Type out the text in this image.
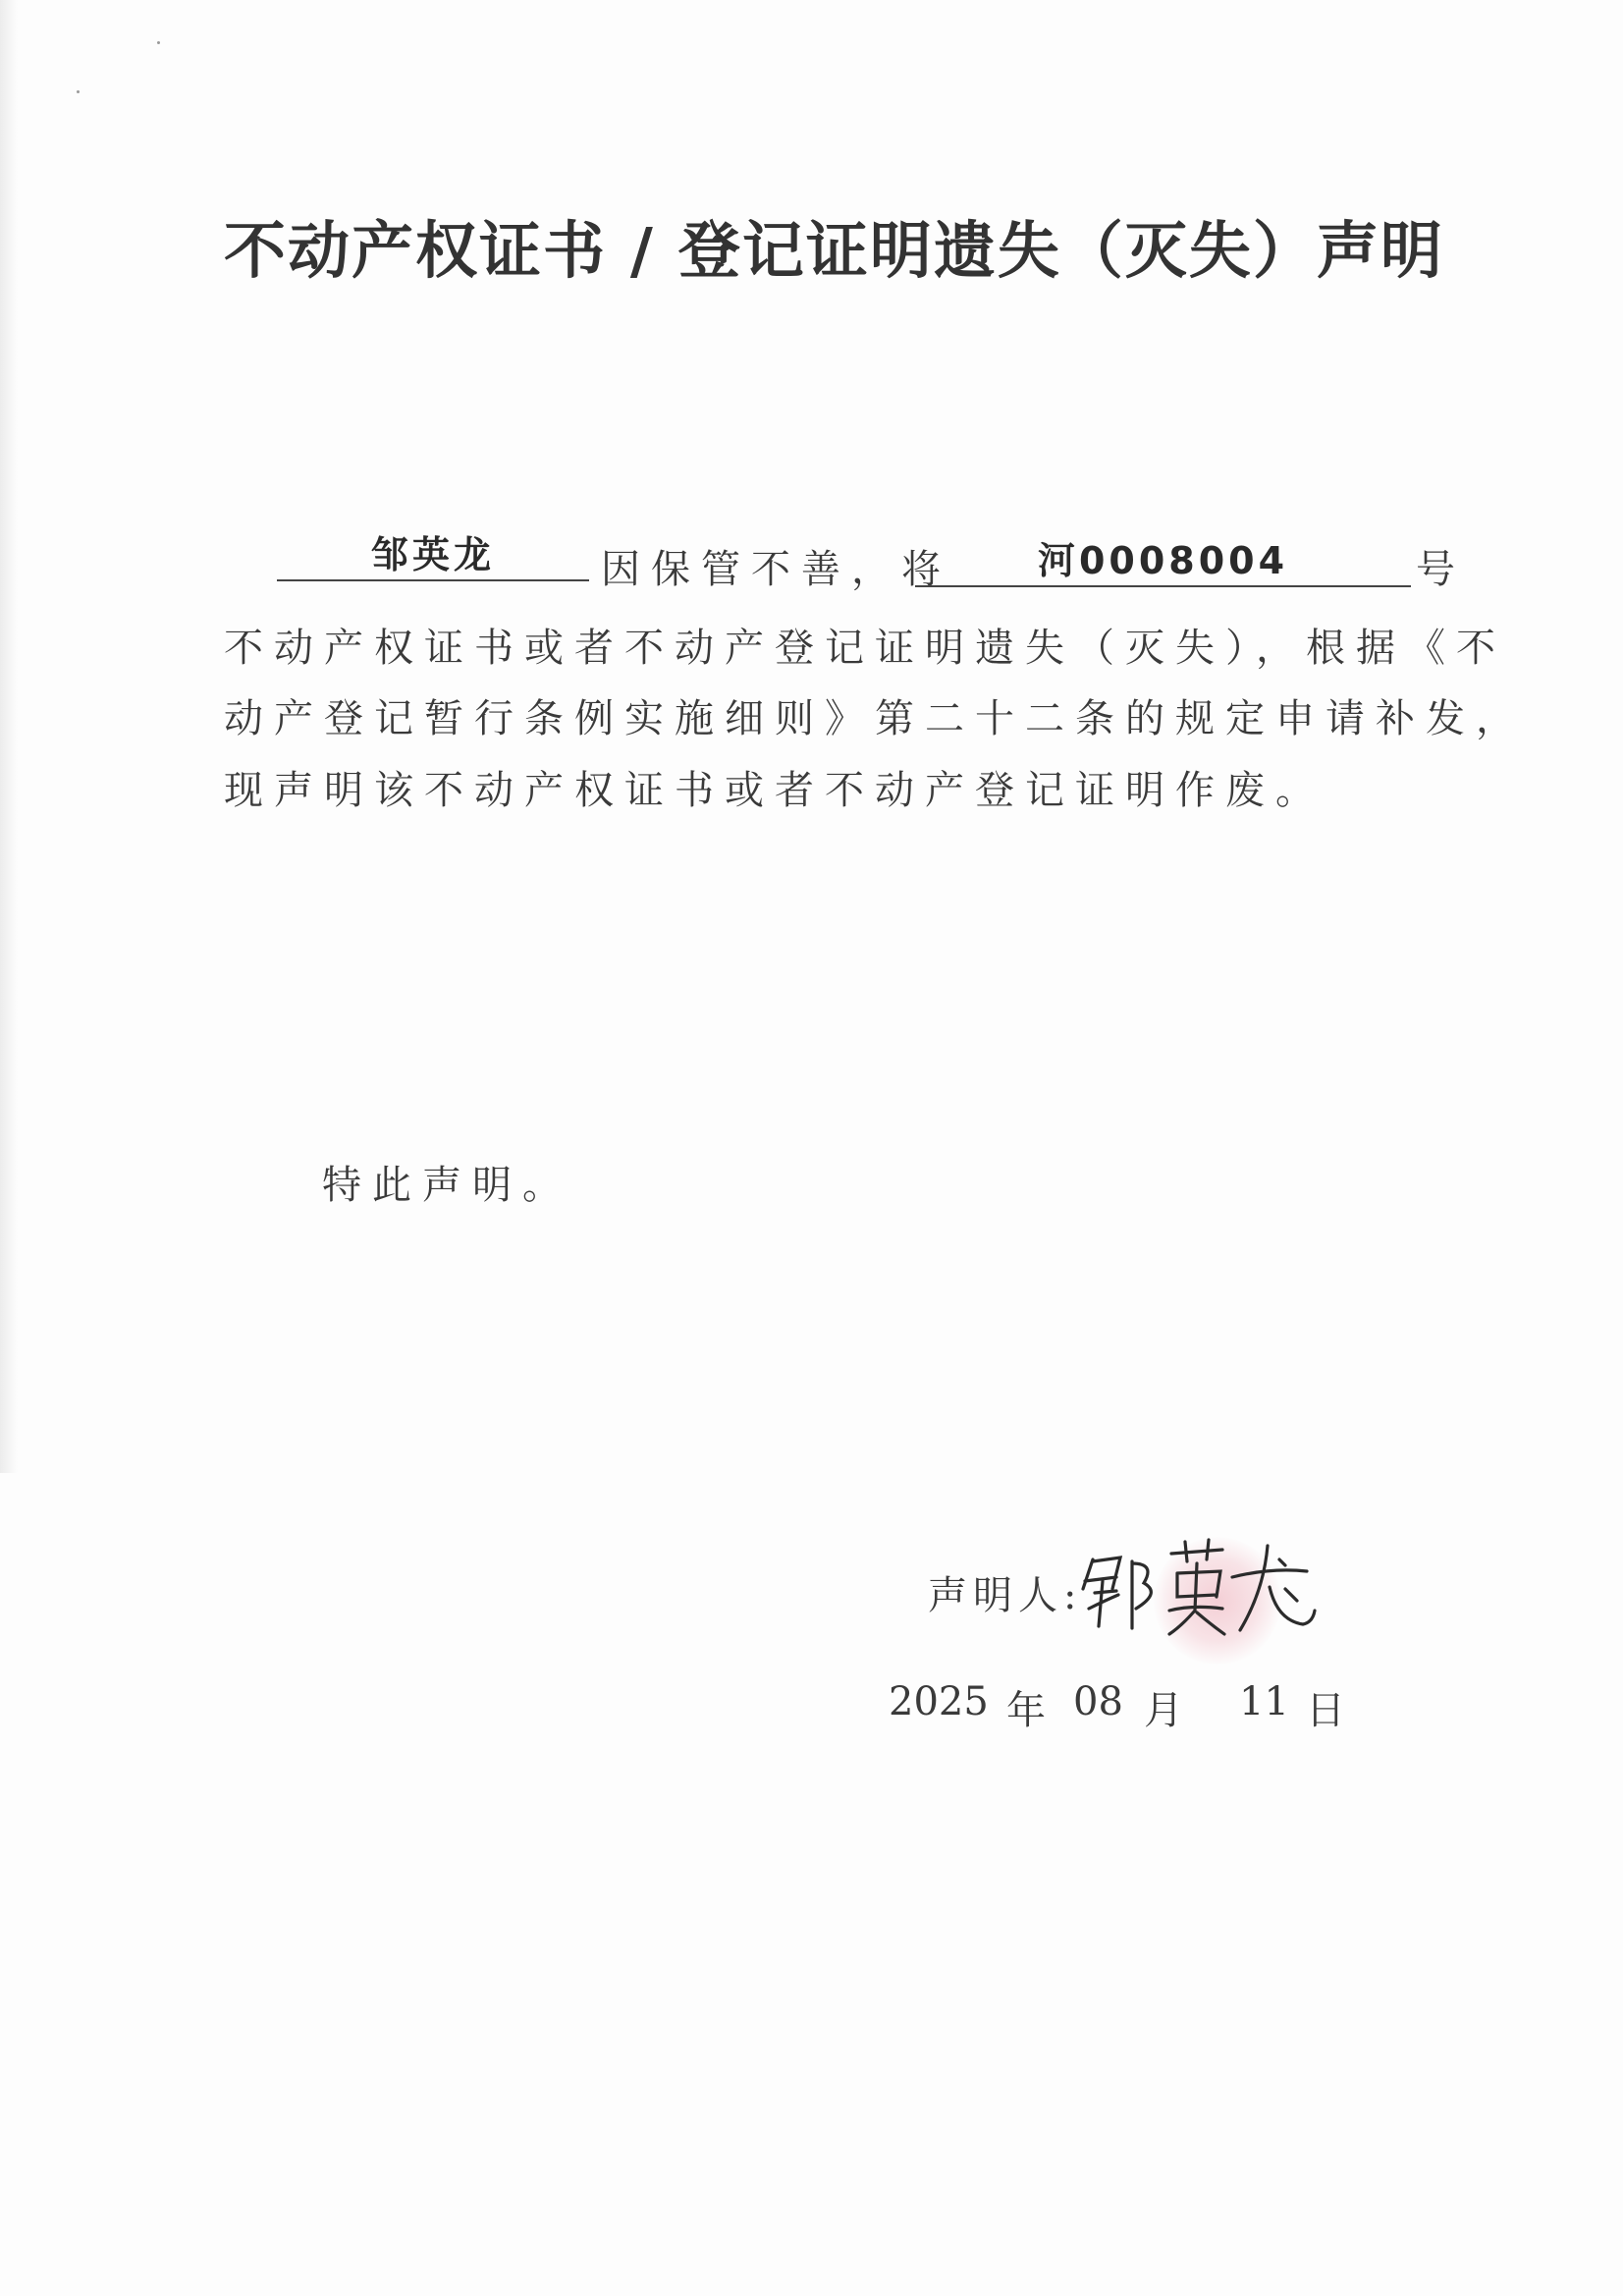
不动产权证书 / 登记证明遗失（灭失）声明
邹英龙	因保管不善，将	河0008004	号
不动产权证书或者不动产登记证明遗失（灭失），根据《不
动产登记暂行条例实施细则》第二十二条的规定申请补发，
现声明该不动产权证书或者不动产登记证明作废。
特此声明。
声明人:
2025 年 08 月 11 日
